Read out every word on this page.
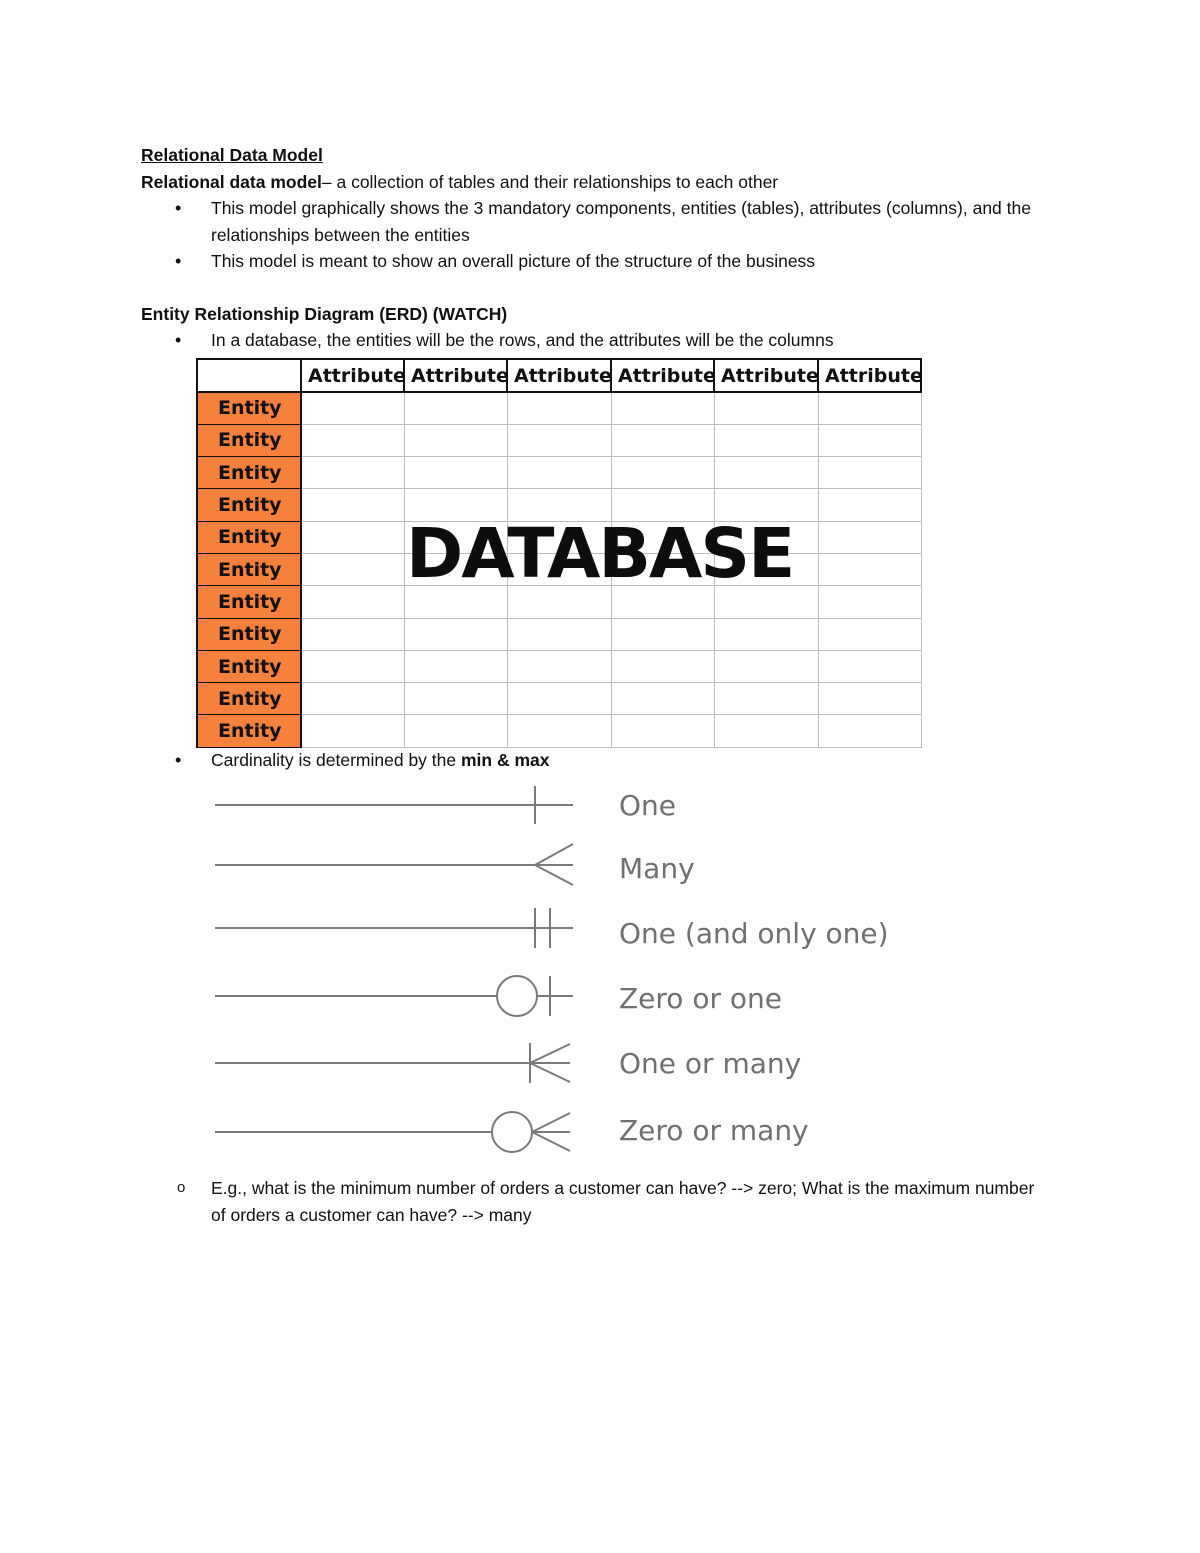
Relational Data Model
Relational data model– a collection of tables and their relationships to each other
• This model graphically shows the 3 mandatory components, entities (tables), attributes (columns), and the relationships between the entities
• This model is meant to show an overall picture of the structure of the business
Entity Relationship Diagram (ERD) (WATCH)
• In a database, the entities will be the rows, and the attributes will be the columns
	Attribute	Attribute	Attribute	Attribute	Attribute	Attribute
Entity						
Entity						
Entity						
Entity						
Entity						
Entity						
Entity						
Entity						
Entity						
Entity						
Entity						
DATABASE
• Cardinality is determined by the min & max
One
Many
One (and only one)
Zero or one
One or many
Zero or many
o E.g., what is the minimum number of orders a customer can have? --> zero; What is the maximum number of orders a customer can have? --> many
